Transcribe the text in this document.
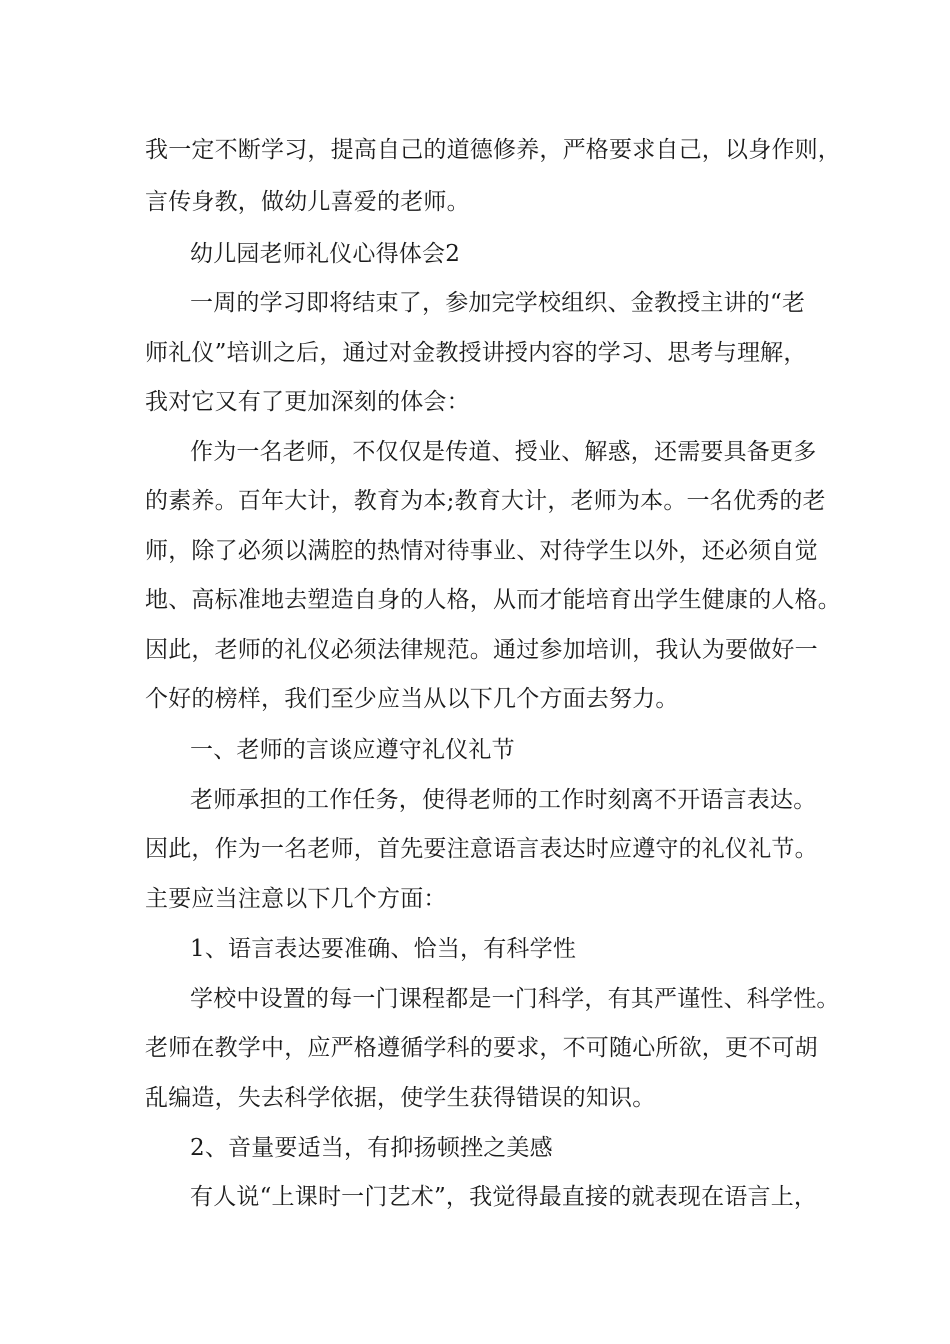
我一定不断学习，提高自己的道德修养，严格要求自己，以身作则，

言传身教，做幼儿喜爱的老师。

幼儿园老师礼仪心得体会2

一周的学习即将结束了，参加完学校组织、金教授主讲的“老

师礼仪”培训之后，通过对金教授讲授内容的学习、思考与理解，

我对它又有了更加深刻的体会：

作为一名老师，不仅仅是传道、授业、解惑，还需要具备更多

的素养。百年大计，教育为本;教育大计，老师为本。一名优秀的老

师，除了必须以满腔的热情对待事业、对待学生以外，还必须自觉

地、高标准地去塑造自身的人格，从而才能培育出学生健康的人格。

因此，老师的礼仪必须法律规范。通过参加培训，我认为要做好一

个好的榜样，我们至少应当从以下几个方面去努力。

一、老师的言谈应遵守礼仪礼节

老师承担的工作任务，使得老师的工作时刻离不开语言表达。

因此，作为一名老师，首先要注意语言表达时应遵守的礼仪礼节。

主要应当注意以下几个方面：

1、语言表达要准确、恰当，有科学性

学校中设置的每一门课程都是一门科学，有其严谨性、科学性。

老师在教学中，应严格遵循学科的要求，不可随心所欲，更不可胡

乱编造，失去科学依据，使学生获得错误的知识。

2、音量要适当，有抑扬顿挫之美感

有人说“上课时一门艺术”，我觉得最直接的就表现在语言上，
